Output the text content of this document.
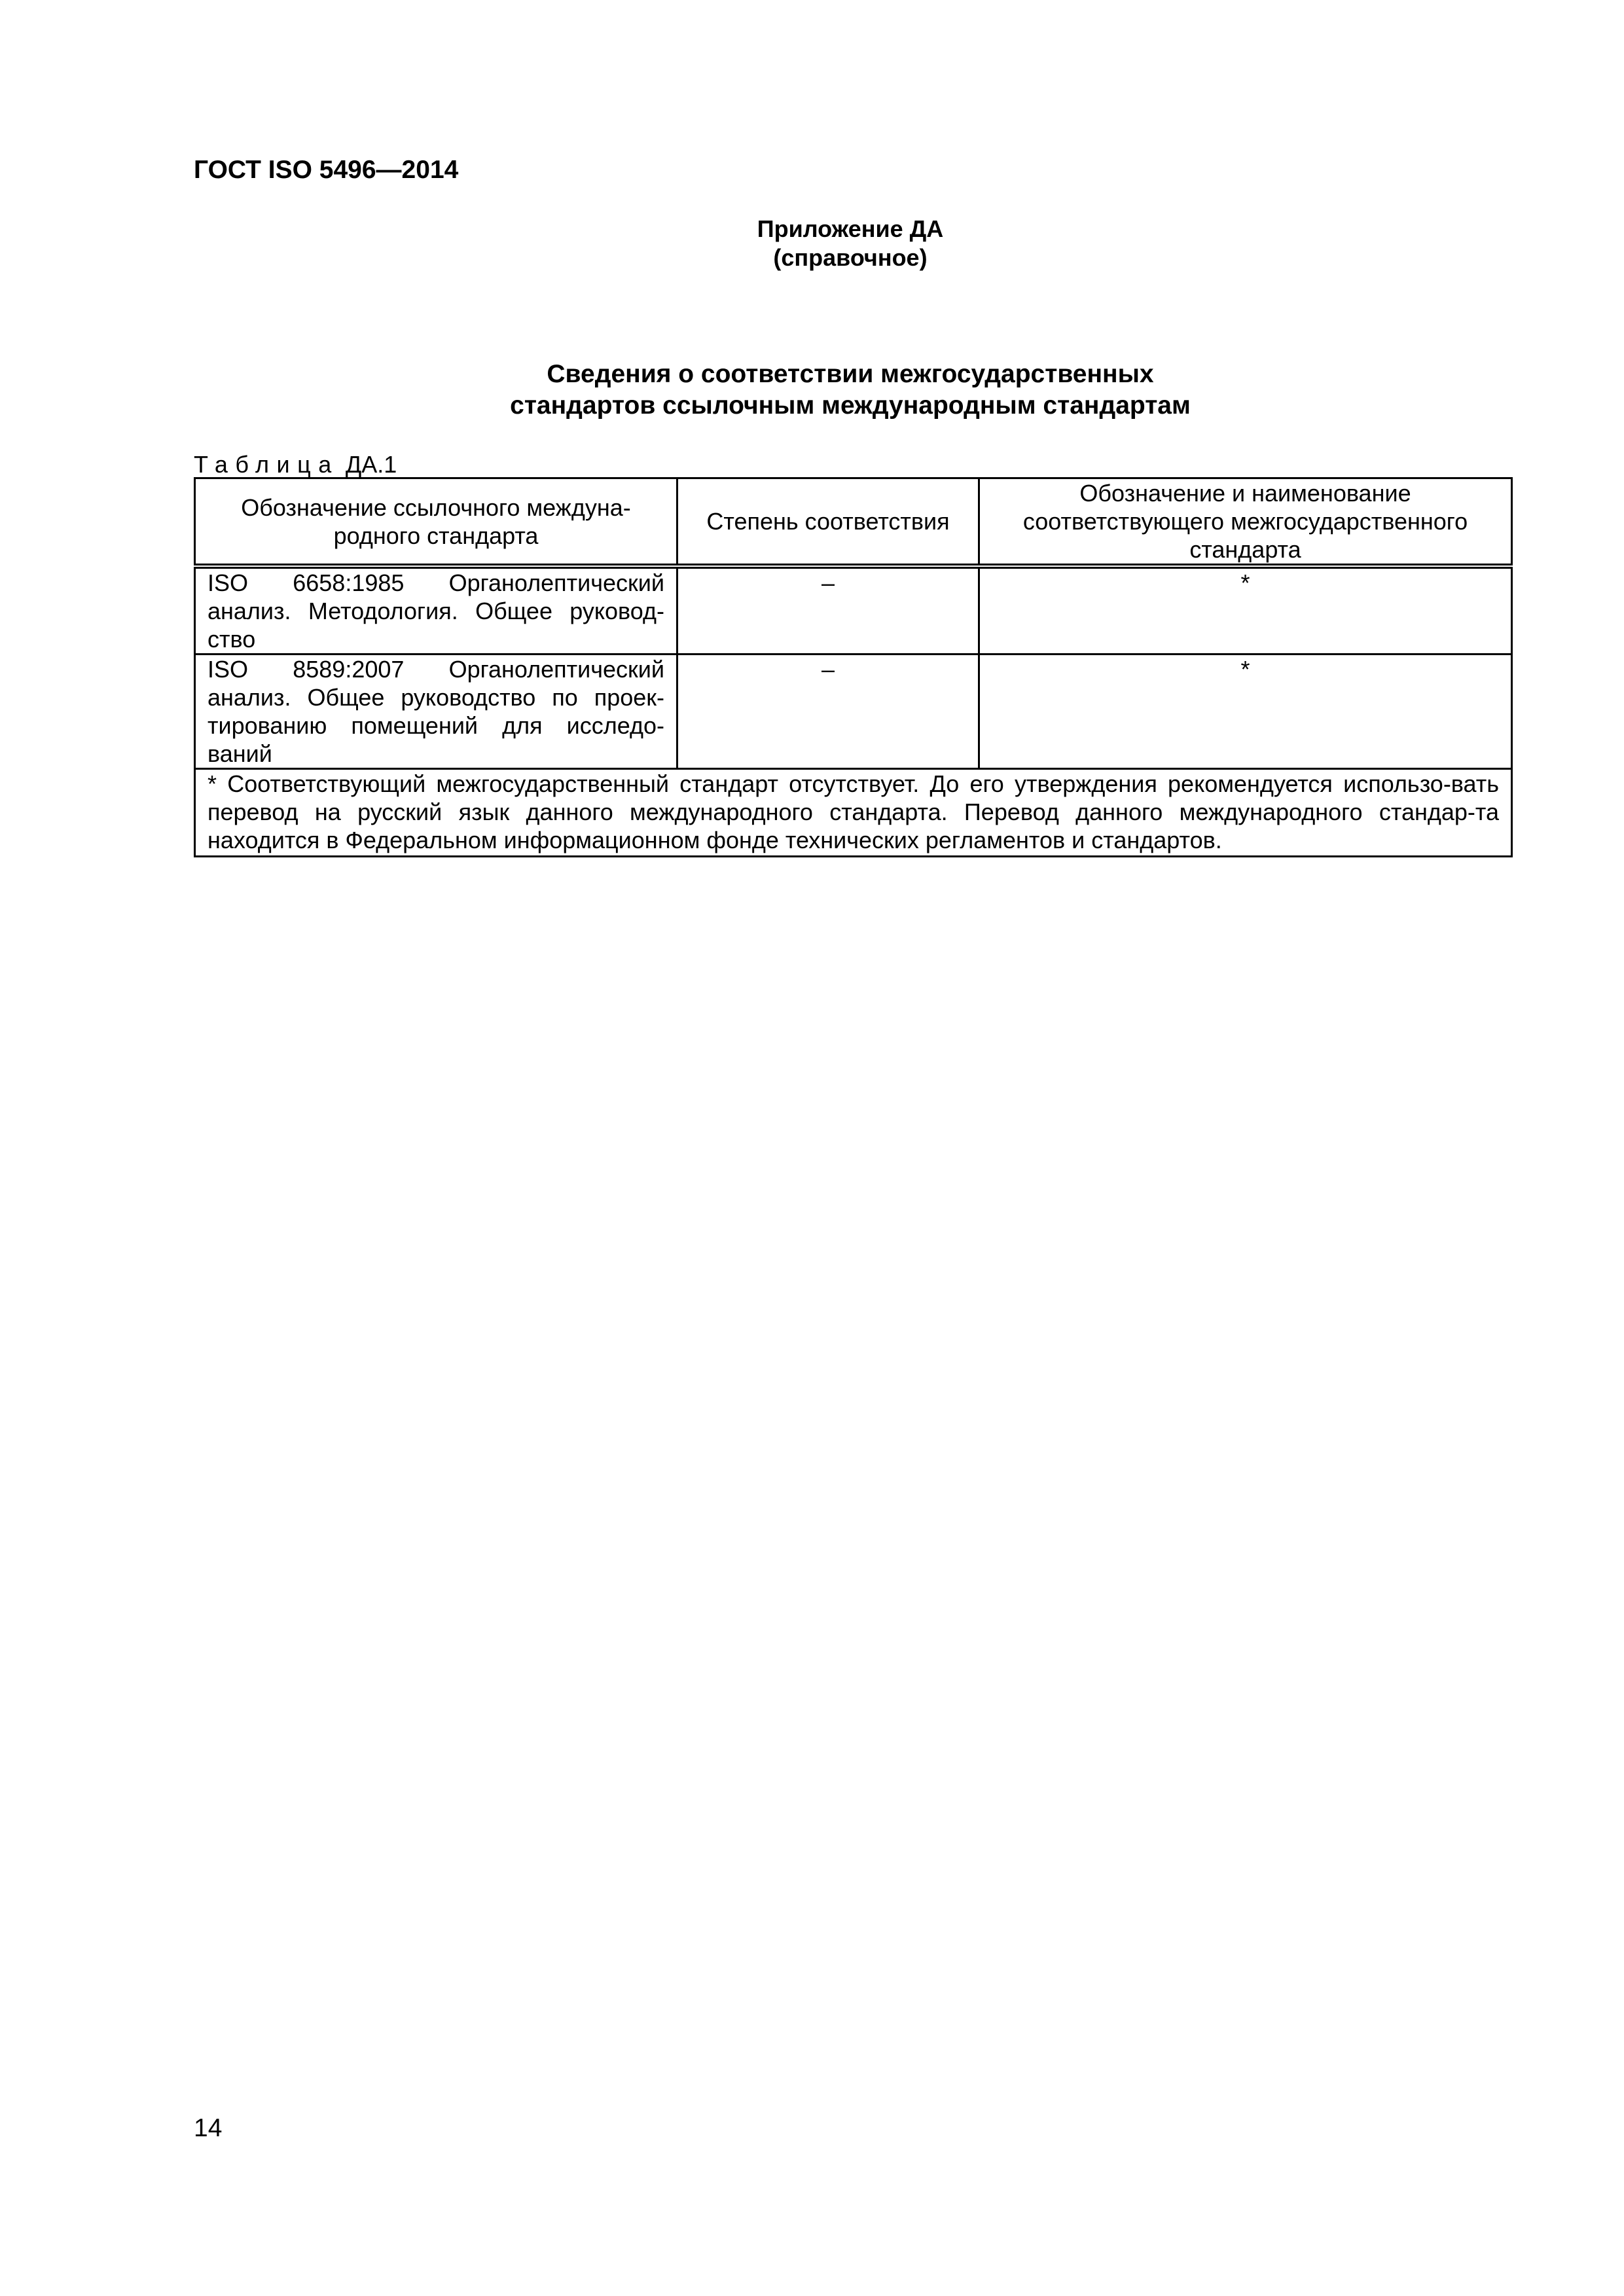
ГОСТ ISO 5496—2014
Приложение ДА
(справочное)
Сведения о соответствии межгосударственных
стандартов ссылочным международным стандартам
Таблица ДА.1
Обозначение ссылочного междуна-родного стандарта	Степень соответствия	Обозначение и наименование соответствующего межгосударственного стандарта
ISO 6658:1985 Органолептический анализ. Методология. Общее руковод-ство	–	*
ISO 8589:2007 Органолептический анализ. Общее руководство по проек-тированию помещений для исследо-ваний	–	*
* Соответствующий межгосударственный стандарт отсутствует. До его утверждения рекомендуется использо-вать перевод на русский язык данного международного стандарта. Перевод данного международного стандар-та находится в Федеральном информационном фонде технических регламентов и стандартов.		
14
